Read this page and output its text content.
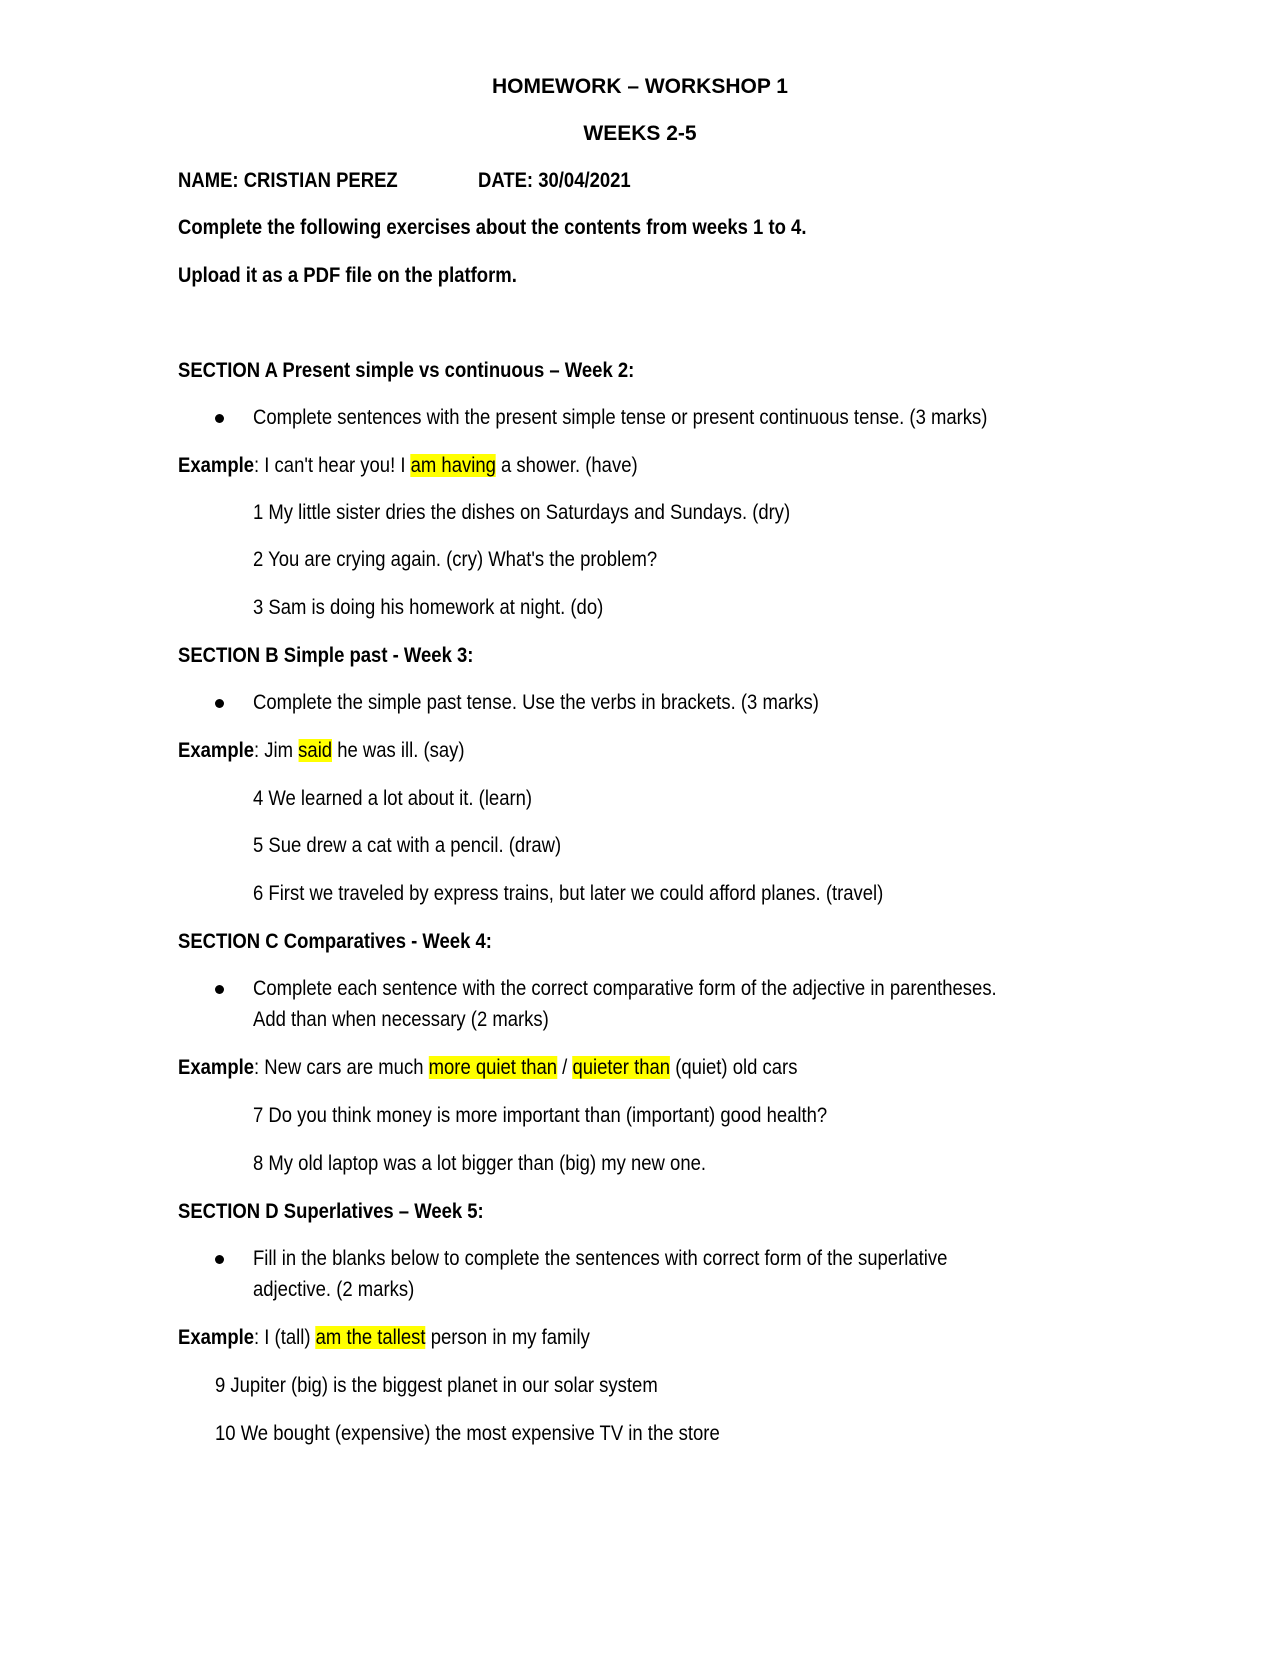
HOMEWORK – WORKSHOP 1
WEEKS 2-5
NAME: CRISTIAN PEREZ	DATE: 30/04/2021
Complete the following exercises about the contents from weeks 1 to 4.
Upload it as a PDF file on the platform.
SECTION A Present simple vs continuous – Week 2:
Complete sentences with the present simple tense or present continuous tense. (3 marks)
Example: I can't hear you! I am having a shower. (have)
1 My little sister dries the dishes on Saturdays and Sundays. (dry)
2 You are crying again. (cry) What's the problem?
3 Sam is doing his homework at night. (do)
SECTION B Simple past - Week 3:
Complete the simple past tense. Use the verbs in brackets. (3 marks)
Example: Jim said he was ill. (say)
4 We learned a lot about it. (learn)
5 Sue drew a cat with a pencil. (draw)
6 First we traveled by express trains, but later we could afford planes. (travel)
SECTION C Comparatives - Week 4:
Complete each sentence with the correct comparative form of the adjective in parentheses.
Add than when necessary (2 marks)
Example: New cars are much more quiet than / quieter than (quiet) old cars
7 Do you think money is more important than (important) good health?
8 My old laptop was a lot bigger than (big) my new one.
SECTION D Superlatives – Week 5:
Fill in the blanks below to complete the sentences with correct form of the superlative
adjective. (2 marks)
Example: I (tall) am the tallest person in my family
9 Jupiter (big) is the biggest planet in our solar system
10 We bought (expensive) the most expensive TV in the store
